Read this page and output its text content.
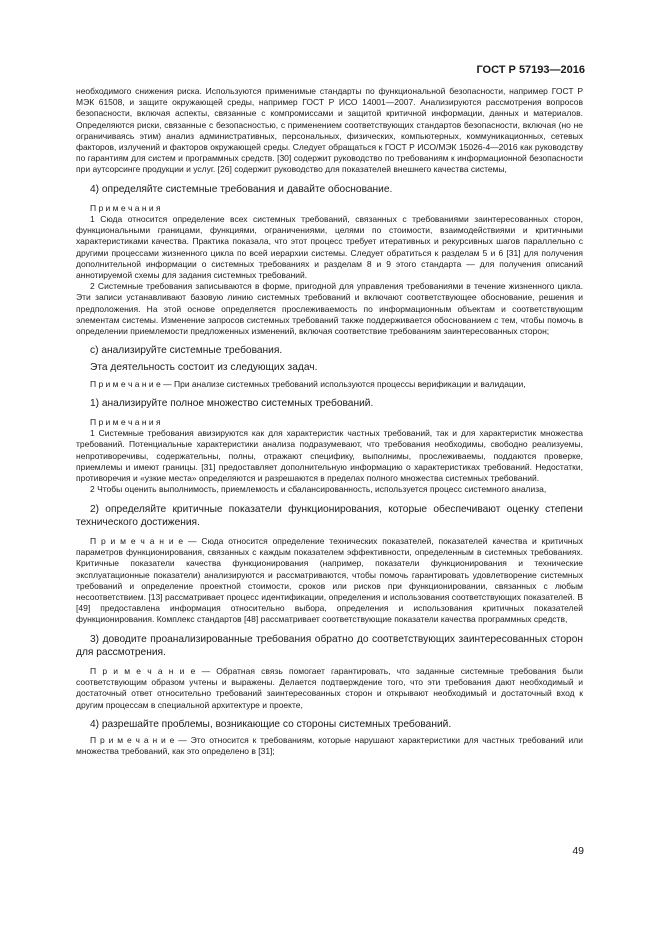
ГОСТ Р 57193—2016

необходимого снижения риска. Используются применимые стандарты по функциональной безопасности, например ГОСТ Р МЭК 61508, и защите окружающей среды, например ГОСТ Р ИСО 14001—2007. Анализируются рассмотрения вопросов безопасности, включая аспекты, связанные с компромиссами и защитой критичной информации, данных и материалов. Определяются риски, связанные с безопасностью, с применением соответствующих стандартов безопасности, включая (но не ограничиваясь этим) анализ административных, персональных, физических, компьютерных, коммуникационных, сетевых факторов, излучений и факторов окружающей среды. Следует обращаться к ГОСТ Р ИСО/МЭК 15026-4—2016 как руководству по гарантиям для систем и программных средств. [30] содержит руководство по требованиям к информационной безопасности при аутсорсинге продукции и услуг. [26] содержит руководство для показателей внешнего качества системы,

4) определяйте системные требования и давайте обоснование.

П р и м е ч а н и я

1 Сюда относится определение всех системных требований, связанных с требованиями заинтересованных сторон, функциональными границами, функциями, ограничениями, целями по стоимости, взаимодействиями и критичными характеристиками качества. Практика показала, что этот процесс требует итеративных и рекурсивных шагов параллельно с другими процессами жизненного цикла по всей иерархии системы. Следует обратиться к разделам 5 и 6 [31] для получения дополнительной информации о системных требованиях и разделам 8 и 9 этого стандарта — для получения описаний аннотируемой схемы для задания системных требований.

2 Системные требования записываются в форме, пригодной для управления требованиями в течение жизненного цикла. Эти записи устанавливают базовую линию системных требований и включают соответствующее обоснование, решения и предположения. На этой основе определяется прослеживаемость по информационным объектам и соответствующим элементам системы. Изменение запросов системных требований также поддерживается обоснованием с тем, чтобы помочь в определении приемлемости предложенных изменений, включая соответствие требованиям заинтересованных сторон;

c) анализируйте системные требования.

Эта деятельность состоит из следующих задач.

П р и м е ч а н и е — При анализе системных требований используются процессы верификации и валидации,

1) анализируйте полное множество системных требований.

П р и м е ч а н и я

1 Системные требования авизируются как для характеристик частных требований, так и для характеристик множества требований. Потенциальные характеристики анализа подразумевают, что требования необходимы, свободно реализуемы, непротиворечивы, содержательны, полны, отражают специфику, выполнимы, прослеживаемы, поддаются проверке, приемлемы и имеют границы. [31] предоставляет дополнительную информацию о характеристиках требований. Недостатки, противоречия и «узкие места» определяются и разрешаются в пределах полного множества системных требований.

2 Чтобы оценить выполнимость, приемлемость и сбалансированность, используется процесс системного анализа,

2) определяйте критичные показатели функционирования, которые обеспечивают оценку степени технического достижения.

П р и м е ч а н и е — Сюда относится определение технических показателей, показателей качества и критичных параметров функционирования, связанных с каждым показателем эффективности, определенным в системных требованиях. Критичные показатели качества функционирования (например, показатели функционирования и технические эксплуатационные показатели) анализируются и рассматриваются, чтобы помочь гарантировать удовлетворение системных требований и определение проектной стоимости, сроков или рисков при функционировании, связанных с любым несоответствием. [13] рассматривает процесс идентификации, определения и использования соответствующих показателей. В [49] предоставлена информация относительно выбора, определения и использования критичных показателей функционирования. Комплекс стандартов [48] рассматривает соответствующие показатели качества программных средств,

3) доводите проанализированные требования обратно до соответствующих заинтересованных сторон для рассмотрения.

П р и м е ч а н и е — Обратная связь помогает гарантировать, что заданные системные требования были соответствующим образом учтены и выражены. Делается подтверждение того, что эти требования дают необходимый и достаточный ответ относительно требований заинтересованных сторон и открывают необходимый и достаточный вход к другим процессам в специальной архитектуре и проекте,

4) разрешайте проблемы, возникающие со стороны системных требований.

П р и м е ч а н и е — Это относится к требованиям, которые нарушают характеристики для частных требований или множества требований, как это определено в [31];

49
